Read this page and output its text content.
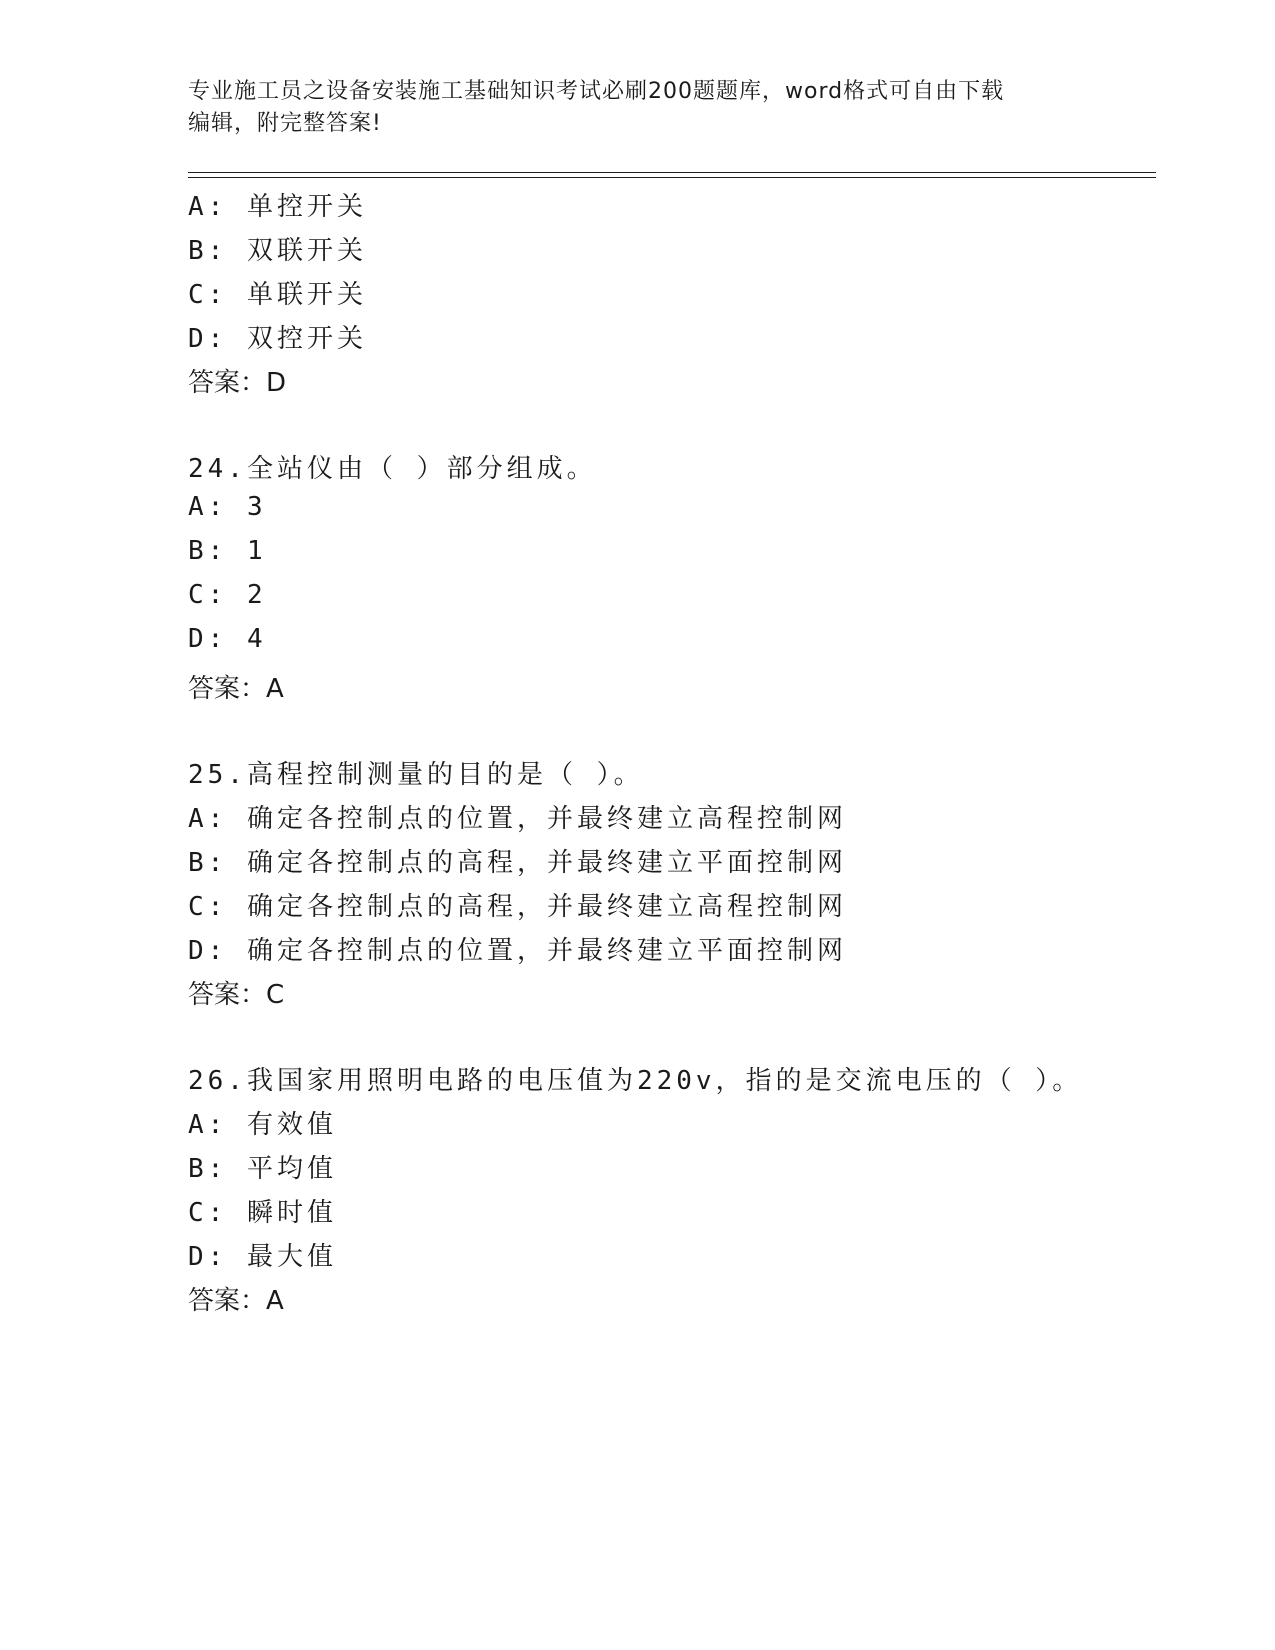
专业施工员之设备安装施工基础知识考试必刷200题题库，word格式可自由下载
编辑，附完整答案!
A: 单控开关
B: 双联开关
C: 单联开关
D: 双控开关
答案：D
24.全站仪由（ ）部分组成。
A: 3
B: 1
C: 2
D: 4
答案：A
25.高程控制测量的目的是（ ）。
A: 确定各控制点的位置，并最终建立高程控制网
B: 确定各控制点的高程，并最终建立平面控制网
C: 确定各控制点的高程，并最终建立高程控制网
D: 确定各控制点的位置，并最终建立平面控制网
答案：C
26.我国家用照明电路的电压值为220v，指的是交流电压的（ ）。
A: 有效值
B: 平均值
C: 瞬时值
D: 最大值
答案：A
